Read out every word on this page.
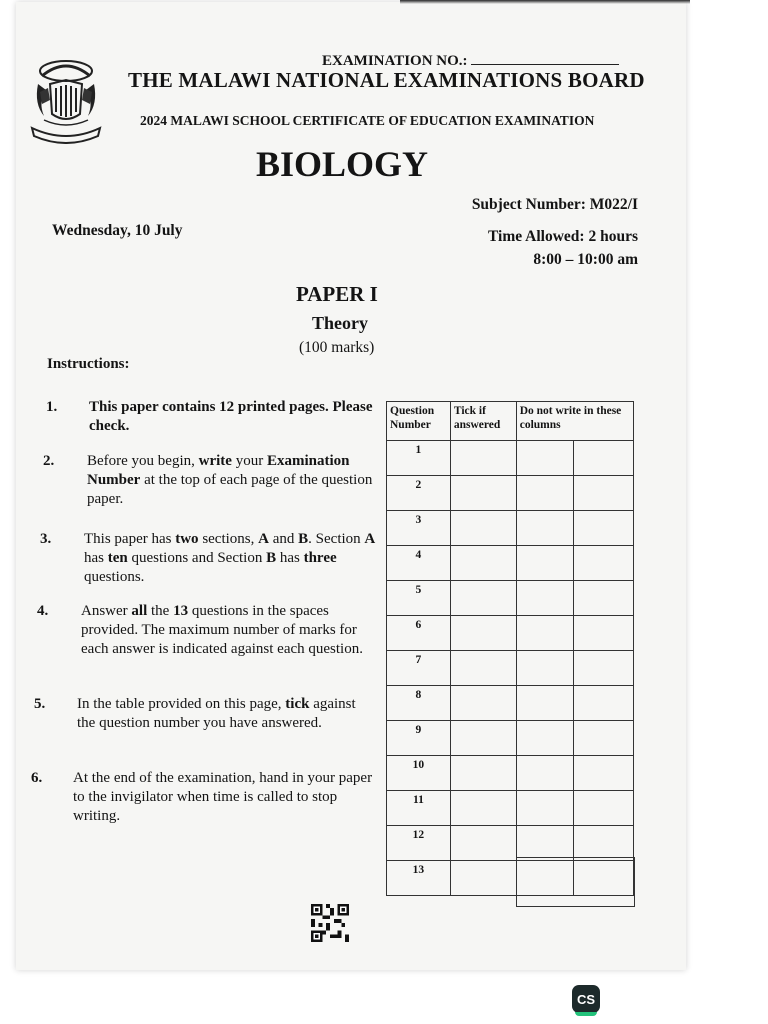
EXAMINATION NO.:
THE MALAWI NATIONAL EXAMINATIONS BOARD
2024 MALAWI SCHOOL CERTIFICATE OF EDUCATION EXAMINATION
BIOLOGY
Subject Number: M022/I
Wednesday, 10 July	Time Allowed: 2 hours
8:00 – 10:00 am
PAPER I
Theory
(100 marks)
Instructions:
1. This paper contains 12 printed pages. Please check.
2. Before you begin, write your Examination Number at the top of each page of the question paper.
3. This paper has two sections, A and B. Section A has ten questions and Section B has three questions.
4. Answer all the 13 questions in the spaces provided. The maximum number of marks for each answer is indicated against each question.
5. In the table provided on this page, tick against the question number you have answered.
6. At the end of the examination, hand in your paper to the invigilator when time is called to stop writing.
Question Number	Tick if answered	Do not write in these columns	
1			
2			
3			
4			
5			
6			
7			
8			
9			
10			
11			
12			
13			
CS
